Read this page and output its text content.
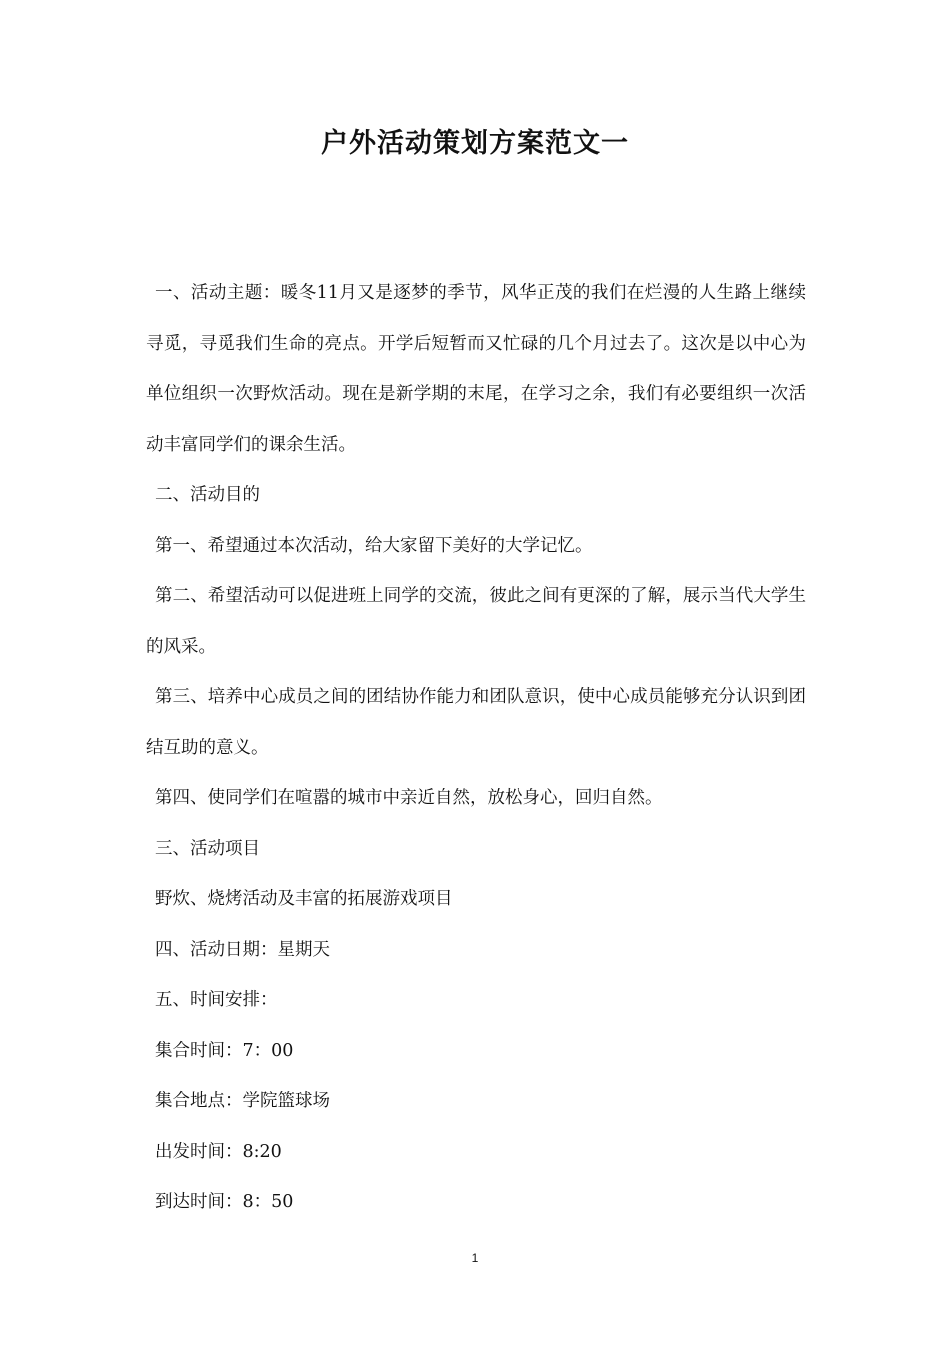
户外活动策划方案范文一

一、活动主题：暖冬11月又是逐梦的季节，风华正茂的我们在烂漫的人生路上继续寻觅，寻觅我们生命的亮点。开学后短暂而又忙碌的几个月过去了。这次是以中心为单位组织一次野炊活动。现在是新学期的末尾，在学习之余，我们有必要组织一次活动丰富同学们的课余生活。

二、活动目的

第一、希望通过本次活动，给大家留下美好的大学记忆。

第二、希望活动可以促进班上同学的交流，彼此之间有更深的了解，展示当代大学生的风采。

第三、培养中心成员之间的团结协作能力和团队意识，使中心成员能够充分认识到团结互助的意义。

第四、使同学们在喧嚣的城市中亲近自然，放松身心，回归自然。

三、活动项目

野炊、烧烤活动及丰富的拓展游戏项目

四、活动日期：星期天

五、时间安排：

集合时间：7：00

集合地点：学院篮球场

出发时间：8:20

到达时间：8：50

1
